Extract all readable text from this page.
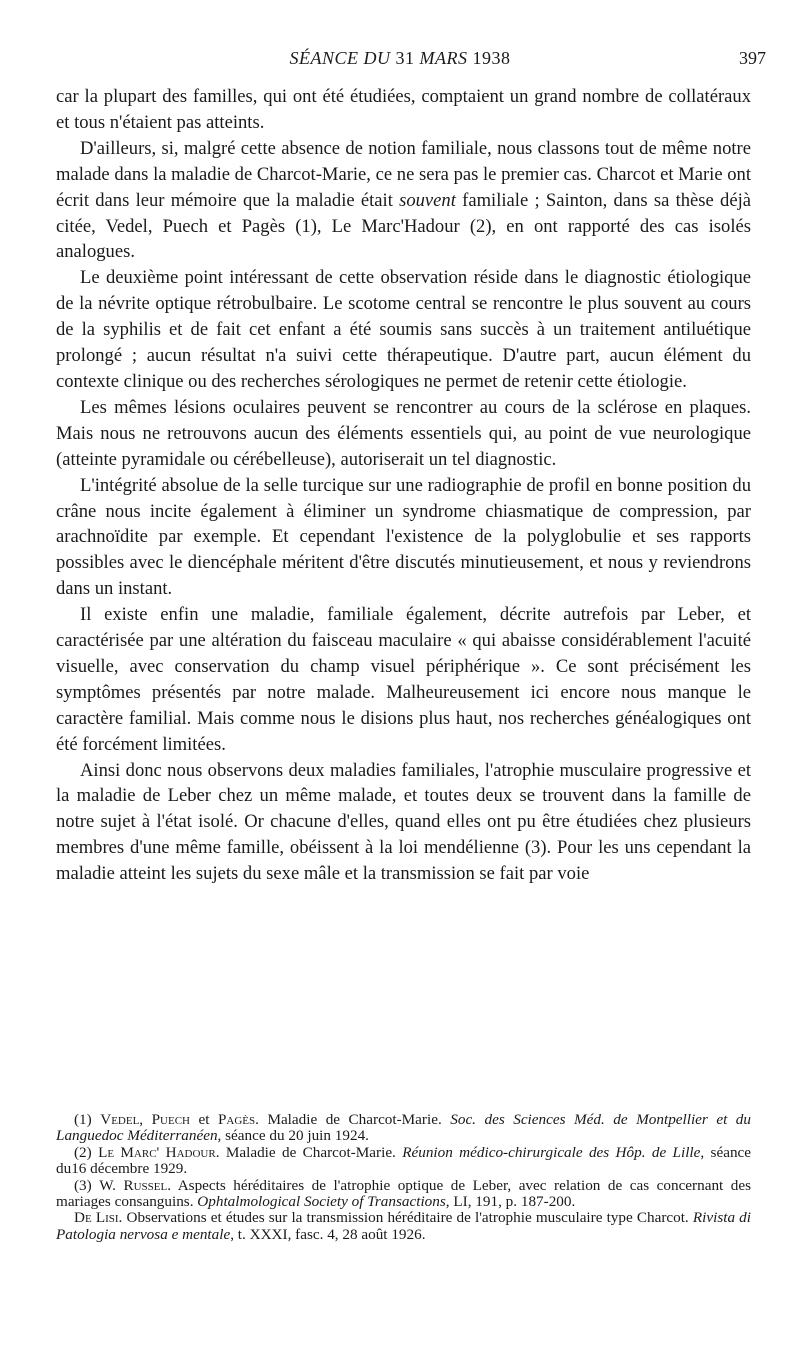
SÉANCE DU 31 MARS 1938	397

car la plupart des familles, qui ont été étudiées, comptaient un grand nombre de collatéraux et tous n'étaient pas atteints.

D'ailleurs, si, malgré cette absence de notion familiale, nous classons tout de même notre malade dans la maladie de Charcot-Marie, ce ne sera pas le premier cas. Charcot et Marie ont écrit dans leur mémoire que la maladie était souvent familiale ; Sainton, dans sa thèse déjà citée, Vedel, Puech et Pagès (1), Le Marc'Hadour (2), en ont rapporté des cas isolés analogues.

Le deuxième point intéressant de cette observation réside dans le diagnostic étiologique de la névrite optique rétrobulbaire. Le scotome central se rencontre le plus souvent au cours de la syphilis et de fait cet enfant a été soumis sans succès à un traitement antiluétique prolongé ; aucun résultat n'a suivi cette thérapeutique. D'autre part, aucun élément du contexte clinique ou des recherches sérologiques ne permet de retenir cette étiologie.

Les mêmes lésions oculaires peuvent se rencontrer au cours de la sclérose en plaques. Mais nous ne retrouvons aucun des éléments essentiels qui, au point de vue neurologique (atteinte pyramidale ou cérébelleuse), autoriserait un tel diagnostic.

L'intégrité absolue de la selle turcique sur une radiographie de profil en bonne position du crâne nous incite également à éliminer un syndrome chiasmatique de compression, par arachnoïdite par exemple. Et cependant l'existence de la polyglobulie et ses rapports possibles avec le diencéphale méritent d'être discutés minutieusement, et nous y reviendrons dans un instant.

Il existe enfin une maladie, familiale également, décrite autrefois par Leber, et caractérisée par une altération du faisceau maculaire « qui abaisse considérablement l'acuité visuelle, avec conservation du champ visuel périphérique ». Ce sont précisément les symptômes présentés par notre malade. Malheureusement ici encore nous manque le caractère familial. Mais comme nous le disions plus haut, nos recherches généalogiques ont été forcément limitées.

Ainsi donc nous observons deux maladies familiales, l'atrophie musculaire progressive et la maladie de Leber chez un même malade, et toutes deux se trouvent dans la famille de notre sujet à l'état isolé. Or chacune d'elles, quand elles ont pu être étudiées chez plusieurs membres d'une même famille, obéissent à la loi mendélienne (3). Pour les uns cependant la maladie atteint les sujets du sexe mâle et la transmission se fait par voie

(1) Vedel, Puech et Pagès. Maladie de Charcot-Marie. Soc. des Sciences Méd. de Montpellier et du Languedoc Méditerranéen, séance du 20 juin 1924.

(2) Le Marc' Hadour. Maladie de Charcot-Marie. Réunion médico-chirurgicale des Hôp. de Lille, séance du16 décembre 1929.

(3) W. Russel. Aspects héréditaires de l'atrophie optique de Leber, avec relation de cas concernant des mariages consanguins. Ophtalmological Society of Transactions, LI, 191, p. 187-200.

De Lisi. Observations et études sur la transmission héréditaire de l'atrophie musculaire type Charcot. Rivista di Patologia nervosa e mentale, t. XXXI, fasc. 4, 28 août 1926.
